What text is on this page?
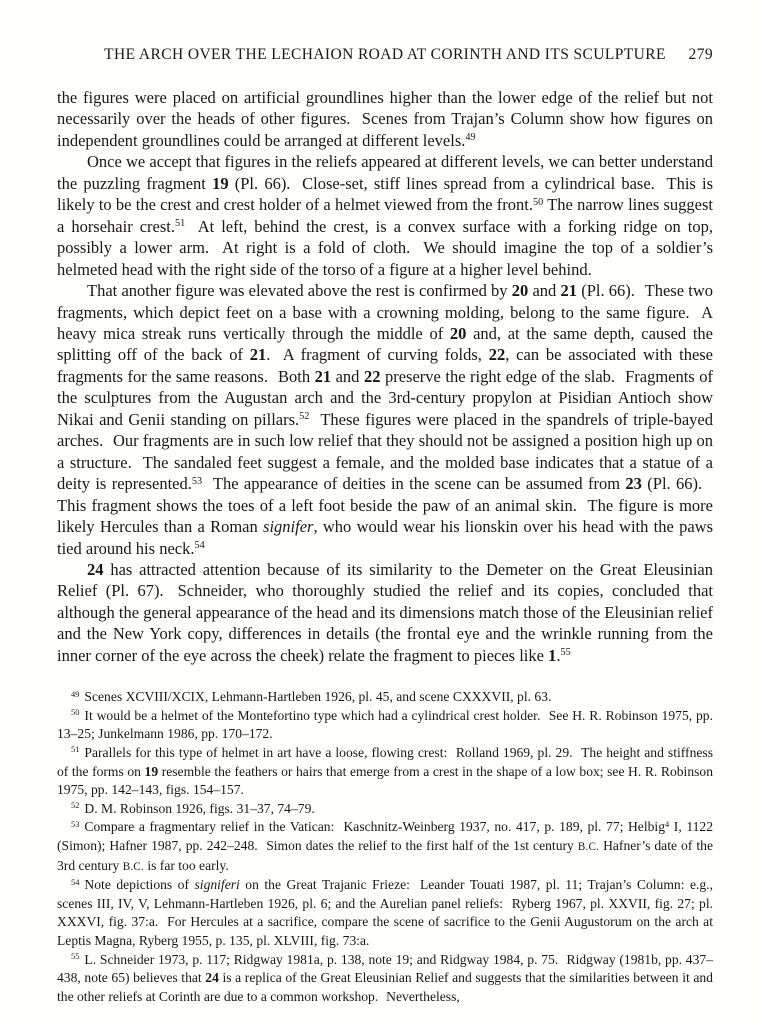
THE ARCH OVER THE LECHAION ROAD AT CORINTH AND ITS SCULPTURE 279

the figures were placed on artificial groundlines higher than the lower edge of the relief but not necessarily over the heads of other figures.  Scenes from Trajan’s Column show how figures on independent groundlines could be arranged at different levels.$^{49}$

Once we accept that figures in the reliefs appeared at different levels, we can better understand the puzzling fragment 19 (Pl. 66).  Close-set, stiff lines spread from a cylindrical base.  This is likely to be the crest and crest holder of a helmet viewed from the front.$^{50}$ The narrow lines suggest a horsehair crest.$^{51}$  At left, behind the crest, is a convex surface with a forking ridge on top, possibly a lower arm.  At right is a fold of cloth.  We should imagine the top of a soldier’s helmeted head with the right side of the torso of a figure at a higher level behind.

That another figure was elevated above the rest is confirmed by 20 and 21 (Pl. 66).  These two fragments, which depict feet on a base with a crowning molding, belong to the same figure.  A heavy mica streak runs vertically through the middle of 20 and, at the same depth, caused the splitting off of the back of 21.  A fragment of curving folds, 22, can be associated with these fragments for the same reasons.  Both 21 and 22 preserve the right edge of the slab.  Fragments of the sculptures from the Augustan arch and the 3rd-century propylon at Pisidian Antioch show Nikai and Genii standing on pillars.$^{52}$  These figures were placed in the spandrels of triple-bayed arches.  Our fragments are in such low relief that they should not be assigned a position high up on a structure.  The sandaled feet suggest a female, and the molded base indicates that a statue of a deity is represented.$^{53}$  The appearance of deities in the scene can be assumed from 23 (Pl. 66).  This fragment shows the toes of a left foot beside the paw of an animal skin.  The figure is more likely Hercules than a Roman signifer, who would wear his lionskin over his head with the paws tied around his neck.$^{54}$

24 has attracted attention because of its similarity to the Demeter on the Great Eleusinian Relief (Pl. 67).  Schneider, who thoroughly studied the relief and its copies, concluded that although the general appearance of the head and its dimensions match those of the Eleusinian relief and the New York copy, differences in details (the frontal eye and the wrinkle running from the inner corner of the eye across the cheek) relate the fragment to pieces like 1.55

$^{49}$ Scenes XCVIII/XCIX, Lehmann-Hartleben 1926, pl. 45, and scene CXXXVII, pl. 63.

$^{50}$ It would be a helmet of the Montefortino type which had a cylindrical crest holder.  See H. R. Robinson 1975, pp. 13–25; Junkelmann 1986, pp. 170–172.

$^{51}$ Parallels for this type of helmet in art have a loose, flowing crest:  Rolland 1969, pl. 29.  The height and stiffness of the forms on 19 resemble the feathers or hairs that emerge from a crest in the shape of a low box; see H. R. Robinson 1975, pp. 142–143, figs. 154–157.

$^{52}$ D. M. Robinson 1926, figs. 31–37, 74–79.

$^{53}$ Compare a fragmentary relief in the Vatican:  Kaschnitz-Weinberg 1937, no. 417, p. 189, pl. 77; Helbig$^4$ I, 1122 (Simon); Hafner 1987, pp. 242–248.  Simon dates the relief to the first half of the 1st century B.C. Hafner’s date of the 3rd century B.C. is far too early.

$^{54}$ Note depictions of signiferi on the Great Trajanic Frieze:  Leander Touati 1987, pl. 11; Trajan’s Column: e.g., scenes III, IV, V, Lehmann-Hartleben 1926, pl. 6; and the Aurelian panel reliefs:  Ryberg 1967, pl. XXVII, fig. 27; pl. XXXVI, fig. 37:a.  For Hercules at a sacrifice, compare the scene of sacrifice to the Genii Augustorum on the arch at Leptis Magna, Ryberg 1955, p. 135, pl. XLVIII, fig. 73:a.

$^{55}$ L. Schneider 1973, p. 117; Ridgway 1981a, p. 138, note 19; and Ridgway 1984, p. 75.  Ridgway (1981b, pp. 437–438, note 65) believes that 24 is a replica of the Great Eleusinian Relief and suggests that the similarities between it and the other reliefs at Corinth are due to a common workshop.  Nevertheless,
